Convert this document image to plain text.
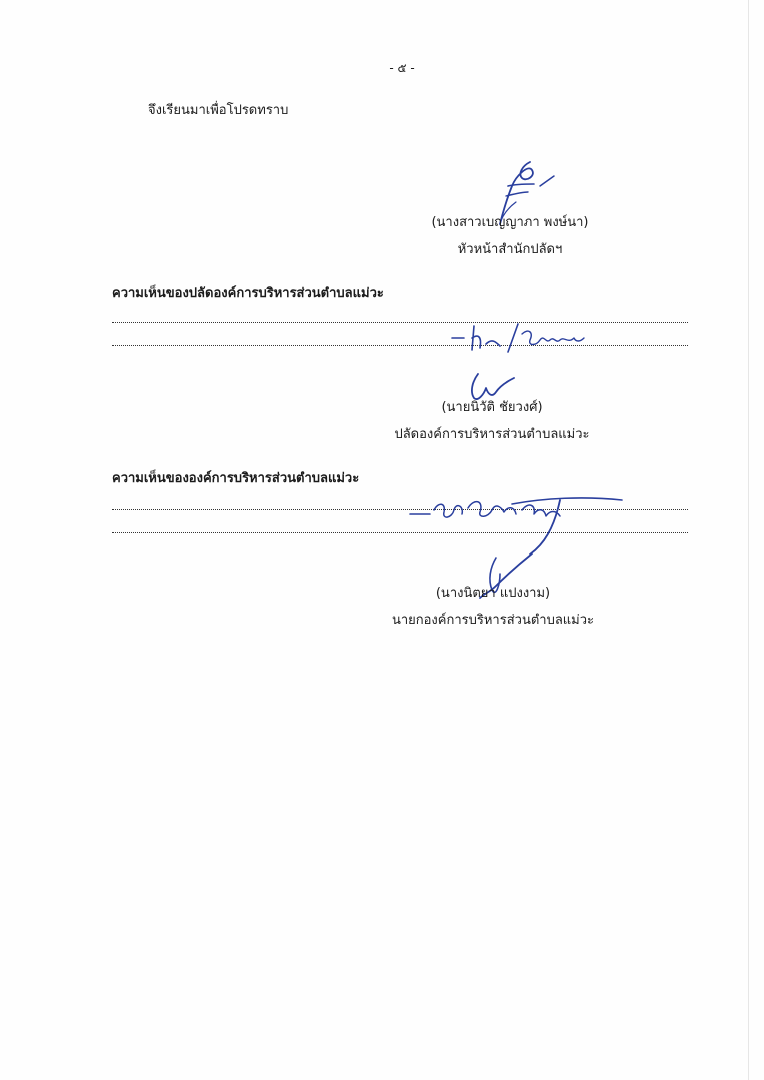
- ๕ -
จึงเรียนมาเพื่อโปรดทราบ
(นางสาวเบญญาภา พงษ์นา)
หัวหน้าสำนักปลัดฯ
ความเห็นของปลัดองค์การบริหารส่วนตำบลแม่วะ
(นายนิวัติ ชัยวงศ์)
ปลัดองค์การบริหารส่วนตำบลแม่วะ
ความเห็นขององค์การบริหารส่วนตำบลแม่วะ
(นางนิตยา แปงงาม)
นายกองค์การบริหารส่วนตำบลแม่วะ
